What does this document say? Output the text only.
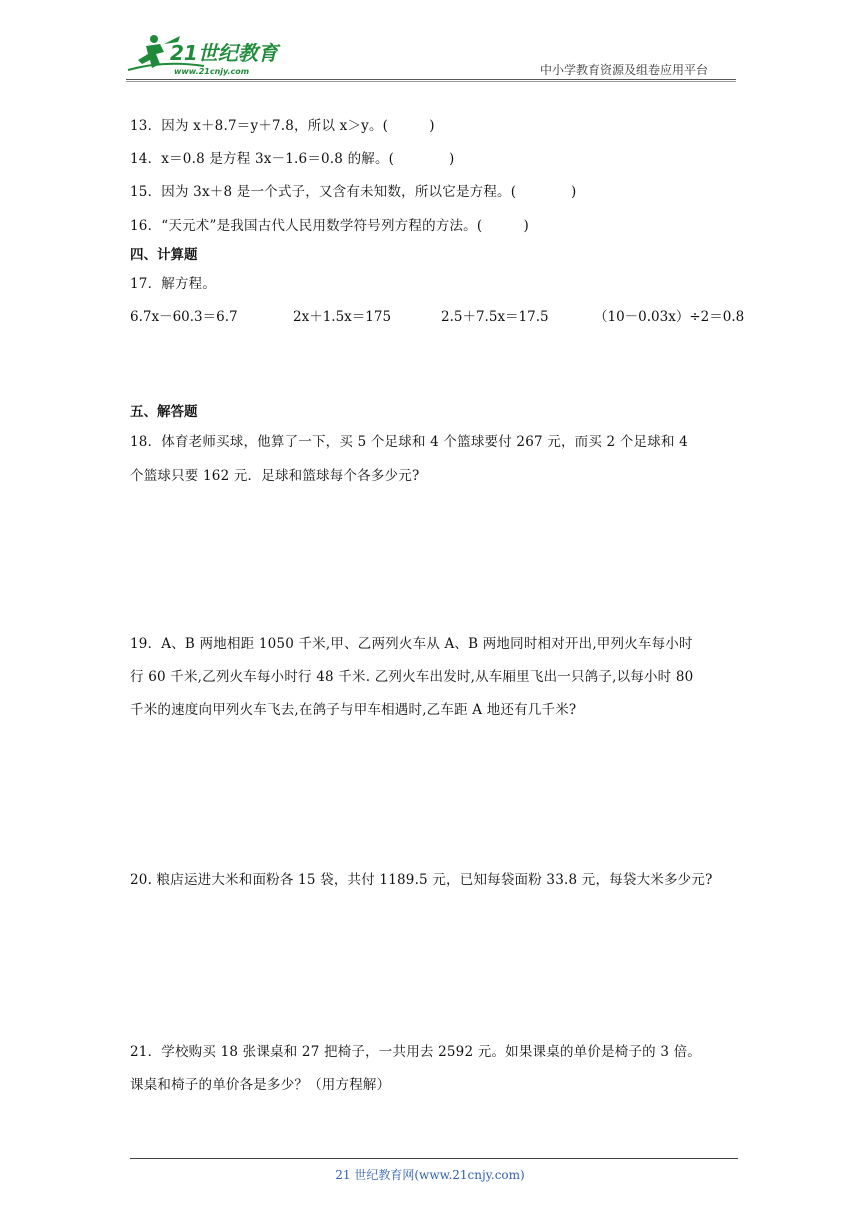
21世纪教育
www.21cnjy.com	中小学教育资源及组卷应用平台
13．因为 x＋8.7＝y＋7.8，所以 x＞y。(　　　)
14．x＝0.8 是方程 3x－1.6＝0.8 的解。(　　　　)
15．因为 3x＋8 是一个式子，又含有未知数，所以它是方程。(　　　　)
16．“天元术”是我国古代人民用数学符号列方程的方法。(　　　)
四、计算题
17．解方程。
6.7x－60.3＝6.7	2x＋1.5x＝175	2.5＋7.5x＝17.5	（10－0.03x）÷2＝0.8
五、解答题
18．体育老师买球，他算了一下，买 5 个足球和 4 个篮球要付 267 元，而买 2 个足球和 4
个篮球只要 162 元．足球和篮球每个各多少元?
19．A、B 两地相距 1050 千米,甲、乙两列火车从 A、B 两地同时相对开出,甲列火车每小时
行 60 千米,乙列火车每小时行 48 千米. 乙列火车出发时,从车厢里飞出一只鸽子,以每小时 80
千米的速度向甲列火车飞去,在鸽子与甲车相遇时,乙车距 A 地还有几千米?
20. 粮店运进大米和面粉各 15 袋，共付 1189.5 元，已知每袋面粉 33.8 元，每袋大米多少元?
21．学校购买 18 张课桌和 27 把椅子，一共用去 2592 元。如果课桌的单价是椅子的 3 倍。
课桌和椅子的单价各是多少？（用方程解）
21 世纪教育网(www.21cnjy.com)
